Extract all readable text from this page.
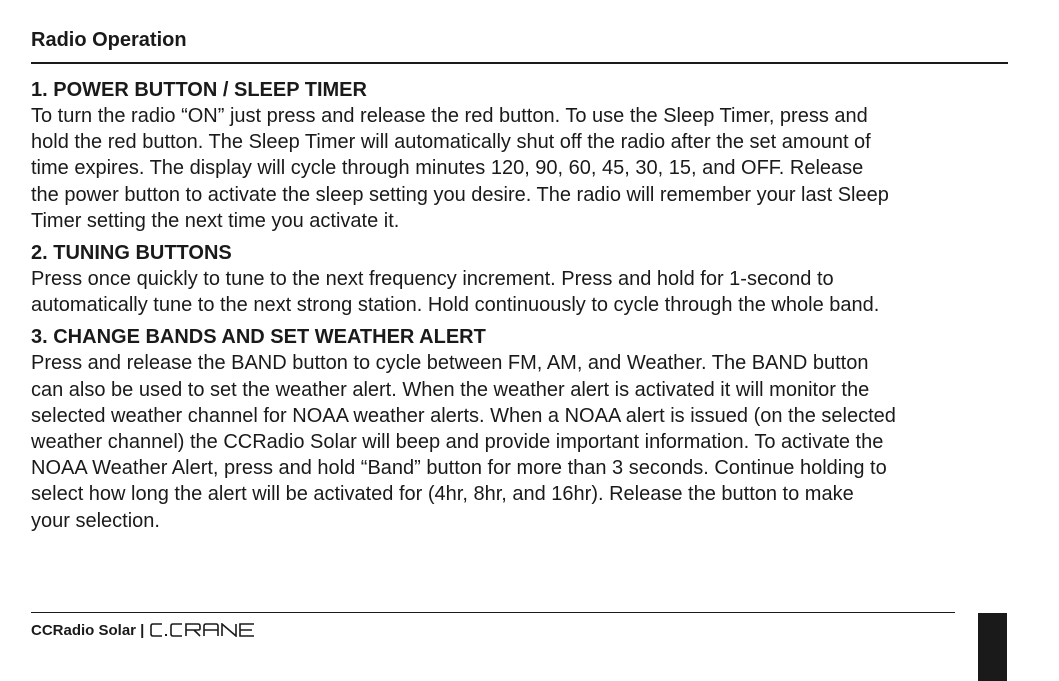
Radio Operation

1. POWER BUTTON / SLEEP TIMER

To turn the radio “ON” just press and release the red button. To use the Sleep Timer, press and
hold the red button. The Sleep Timer will automatically shut off the radio after the set amount of
time expires. The display will cycle through minutes 120, 90, 60, 45, 30, 15, and OFF. Release
the power button to activate the sleep setting you desire. The radio will remember your last Sleep
Timer setting the next time you activate it.

2. TUNING BUTTONS

Press once quickly to tune to the next frequency increment. Press and hold for 1-second to
automatically tune to the next strong station. Hold continuously to cycle through the whole band.

3. CHANGE BANDS AND SET WEATHER ALERT

Press and release the BAND button to cycle between FM, AM, and Weather. The BAND button
can also be used to set the weather alert. When the weather alert is activated it will monitor the
selected weather channel for NOAA weather alerts. When a NOAA alert is issued (on the selected
weather channel) the CCRadio Solar will beep and provide important information. To activate the
NOAA Weather Alert, press and hold “Band” button for more than 3 seconds. Continue holding to
select how long the alert will be activated for (4hr, 8hr, and 16hr). Release the button to make
your selection.

CCRadio Solar |
